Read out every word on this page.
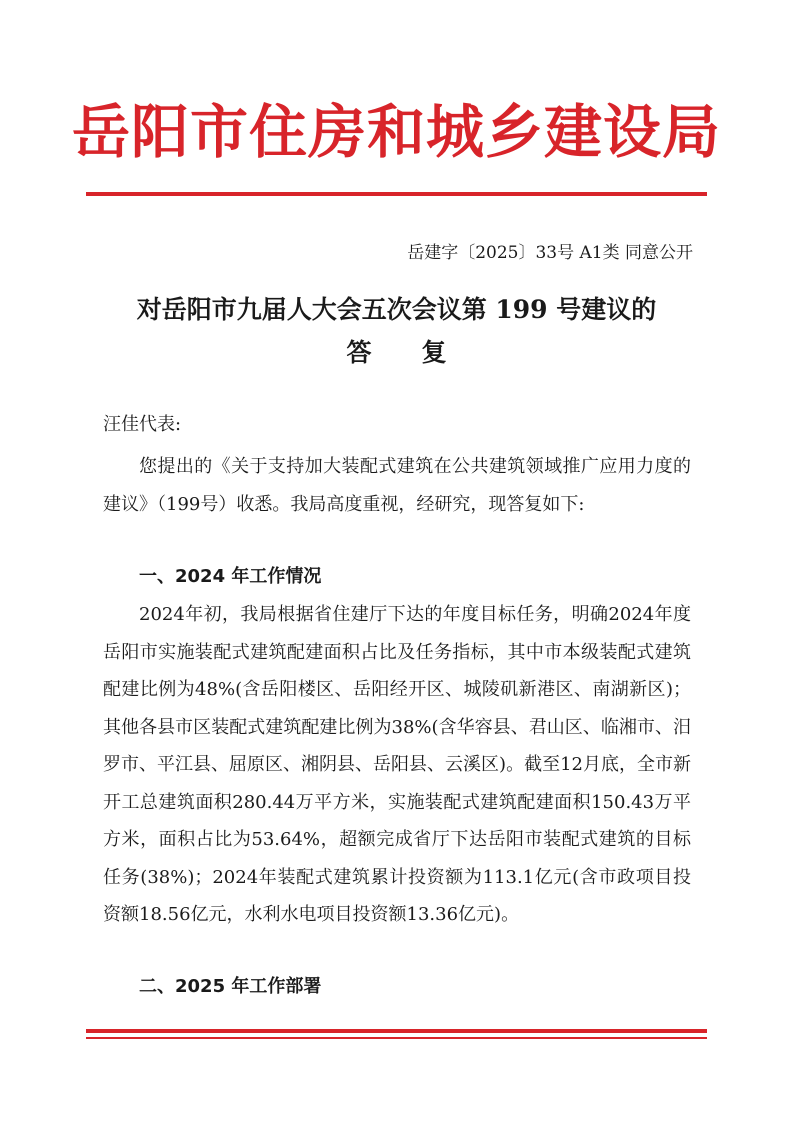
岳阳市住房和城乡建设局
岳建字〔2025〕33号 A1类 同意公开
对岳阳市九届人大会五次会议第 199 号建议的
答　　复
汪佳代表:
您提出的《关于支持加大装配式建筑在公共建筑领域推广应用力度的建议》（199号）收悉。我局高度重视，经研究，现答复如下:
一、2024 年工作情况
2024年初，我局根据省住建厅下达的年度目标任务，明确2024年度岳阳市实施装配式建筑配建面积占比及任务指标，其中市本级装配式建筑配建比例为48%(含岳阳楼区、岳阳经开区、城陵矶新港区、南湖新区)；其他各县市区装配式建筑配建比例为38%(含华容县、君山区、临湘市、汨罗市、平江县、屈原区、湘阴县、岳阳县、云溪区)。截至12月底，全市新开工总建筑面积280.44万平方米，实施装配式建筑配建面积150.43万平方米，面积占比为53.64%，超额完成省厅下达岳阳市装配式建筑的目标任务(38%)；2024年装配式建筑累计投资额为113.1亿元(含市政项目投资额18.56亿元，水利水电项目投资额13.36亿元)。
二、2025 年工作部署
